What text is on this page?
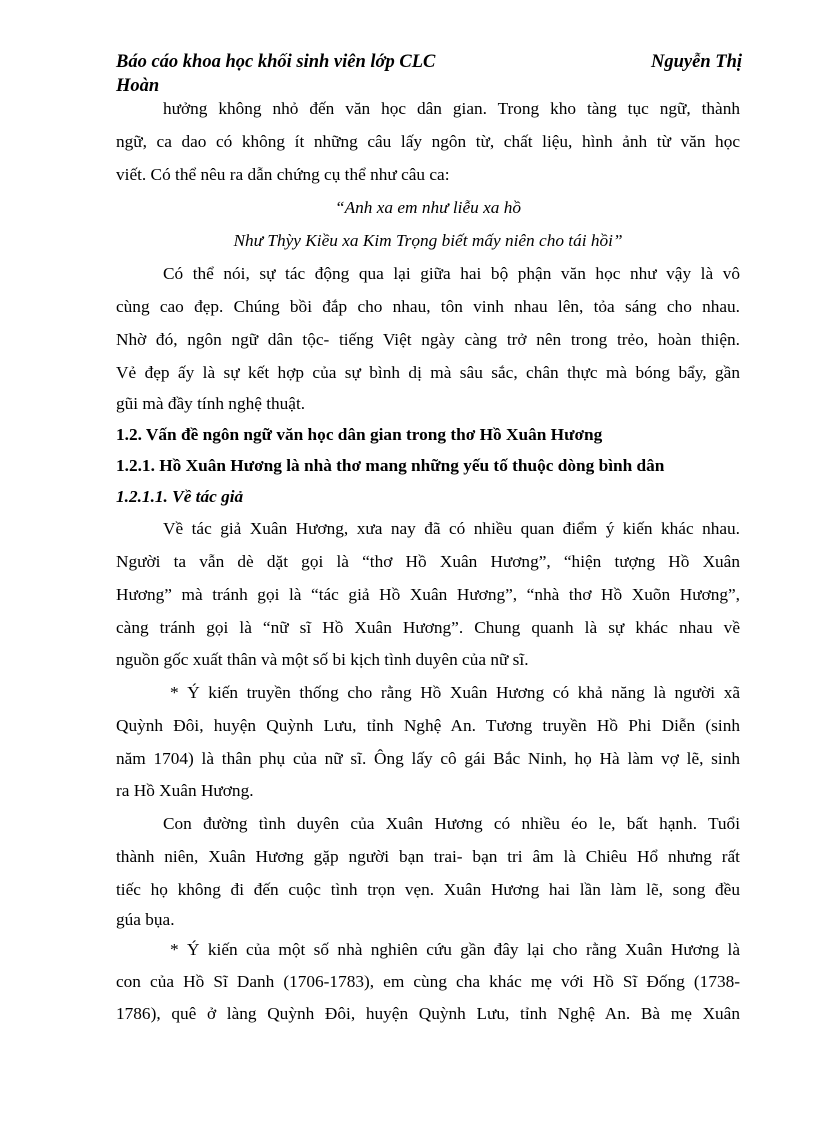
Báo cáo khoa học khối sinh viên lớp CLC	Nguyễn Thị
Hoàn
hưởng không nhỏ đến văn học dân gian. Trong kho tàng tục ngữ, thành
ngữ, ca dao có không ít những câu lấy ngôn từ, chất liệu, hình ảnh từ văn học
viết. Có thể nêu ra dẫn chứng cụ thể như câu ca:
“Anh xa em như liễu xa hồ
Như Thỳy Kiều xa Kim Trọng biết mấy niên cho tái hồi”
Có thể nói, sự tác động qua lại giữa hai bộ phận văn học như vậy là vô
cùng cao đẹp. Chúng bồi đắp cho nhau, tôn vinh nhau lên, tỏa sáng cho nhau.
Nhờ đó, ngôn ngữ dân tộc- tiếng Việt ngày càng trở nên trong trẻo, hoàn thiện.
Vẻ đẹp ấy là sự kết hợp của sự bình dị mà sâu sắc, chân thực mà bóng bẩy, gần
gũi mà đầy tính nghệ thuật.
1.2. Vấn đề ngôn ngữ văn học dân gian trong thơ Hồ Xuân Hương
1.2.1. Hồ Xuân Hương là nhà thơ mang những yếu tố thuộc dòng bình dân
1.2.1.1. Về tác giả
Về tác giả Xuân Hương, xưa nay đã có nhiều quan điểm ý kiến khác nhau.
Người ta vẫn dè dặt gọi là “thơ Hồ Xuân Hương”, “hiện tượng Hồ Xuân
Hương” mà tránh gọi là “tác giả Hồ Xuân Hương”, “nhà thơ Hồ Xuõn Hương”,
càng tránh gọi là “nữ sĩ Hồ Xuân Hương”. Chung quanh là sự khác nhau về
nguồn gốc xuất thân và một số bi kịch tình duyên của nữ sĩ.
* Ý kiến truyền thống cho rằng Hồ Xuân Hương có khả năng là người xã
Quỳnh Đôi, huyện Quỳnh Lưu, tỉnh Nghệ An. Tương truyền Hồ Phi Diễn (sinh
năm 1704) là thân phụ của nữ sĩ. Ông lấy cô gái Bắc Ninh, họ Hà làm vợ lẽ, sinh
ra Hồ Xuân Hương.
Con đường tình duyên của Xuân Hương có nhiều éo le, bất hạnh. Tuổi
thành niên, Xuân Hương gặp người bạn trai- bạn tri âm là Chiêu Hổ nhưng rất
tiếc họ không đi đến cuộc tình trọn vẹn. Xuân Hương hai lần làm lẽ, song đều
gúa bụa.
* Ý kiến của một số nhà nghiên cứu gần đây lại cho rằng Xuân Hương là
con của Hồ Sĩ Danh (1706-1783), em cùng cha khác mẹ với Hồ Sĩ Đống (1738-
1786), quê ở làng Quỳnh Đôi, huyện Quỳnh Lưu, tỉnh Nghệ An. Bà mẹ Xuân
